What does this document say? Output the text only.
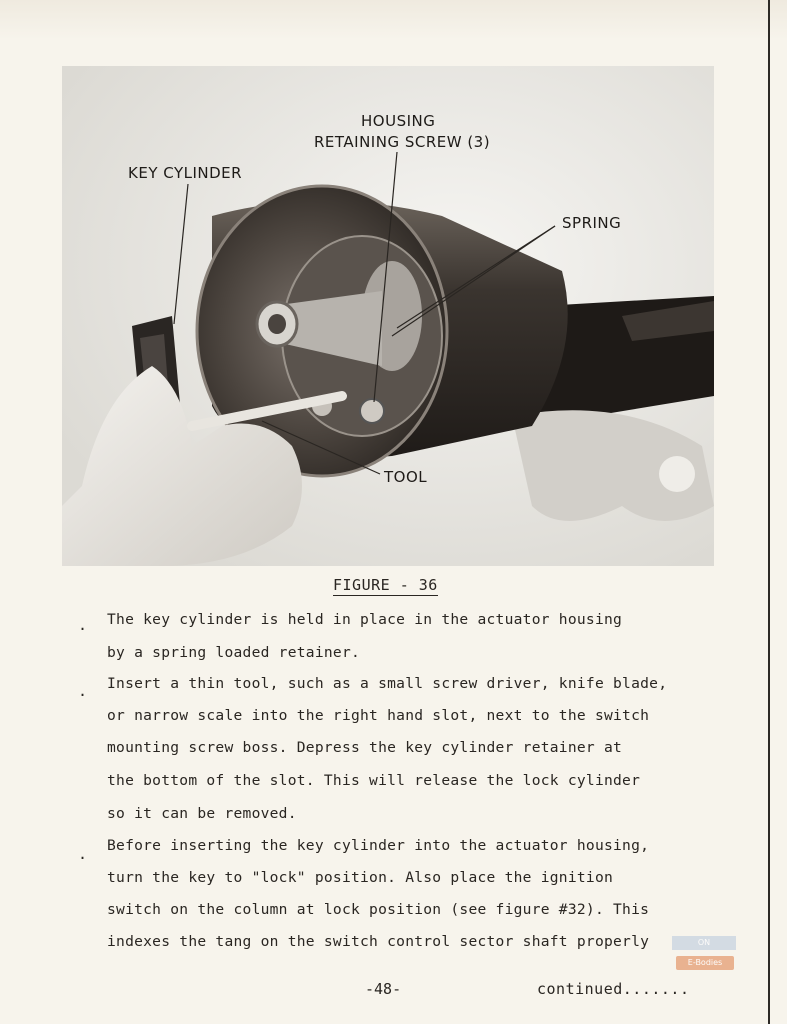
HOUSING
RETAINING SCREW (3)
KEY CYLINDER
SPRING
TOOL
FIGURE - 36
. The key cylinder is held in place in the actuator housing
by a spring loaded retainer.
. Insert a thin tool, such as a small screw driver, knife blade,
or narrow scale into the right hand slot, next to the switch
mounting screw boss. Depress the key cylinder retainer at
the bottom of the slot. This will release the lock cylinder
so it can be removed.
. Before inserting the key cylinder into the actuator housing,
turn the key to "lock" position. Also place the ignition
switch on the column at lock position (see figure #32). This
indexes the tang on the switch control sector shaft properly
-48-	continued.......
ON
E-Bodies
